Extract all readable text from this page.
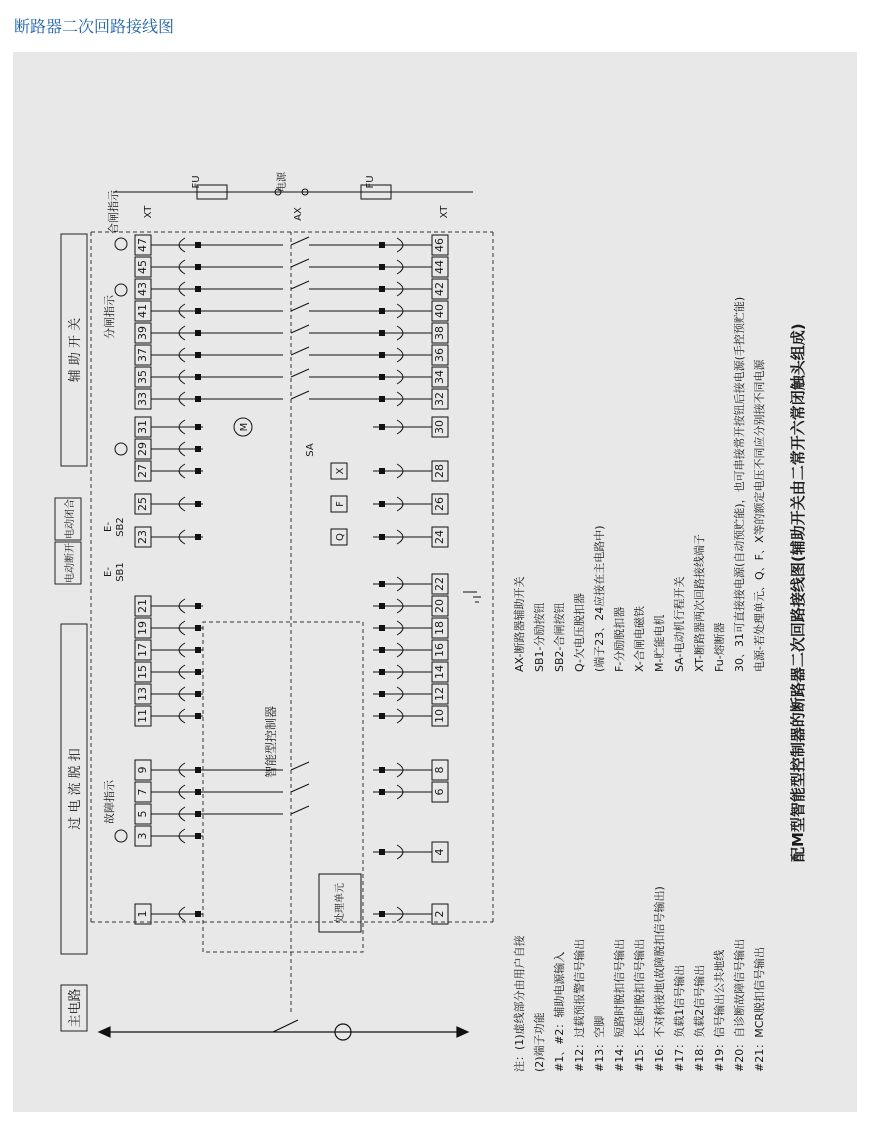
断路器二次回路接线图
主电路
过 电 流 脱 扣
电动断开
电动闭合
辅 助 开 关
处理单元
智能型控制器
1
3
5
7
9
11
13
15
17
19
21
23
25
27
29
31
33
35
37
39
41
43
45
47
2
4
6
8
10
12
14
16
18
20
22
24
26
28
30
32
34
36
38
40
42
44
46
Q
F
X
M
SA
E- SB1
E- SB2
AX
XT	XT
FU	FU
电源
故障指示
分闸指示
合闸指示
注：(1)虚线部分由用户自接 (2)端子功能 #1、#2：辅助电源输入 #12：过载预报警信号输出 #13：空脚 #14：短路时脱扣信号输出 #15：长延时脱扣信号输出 #16：不对称接地(故障脱扣信号输出) #17：负载1信号输出 #18：负载2信号输出 #19：信号输出公共地线 #20：自诊断故障信号输出 #21：MCR脱扣信号输出
AX-断路器辅助开关 SB1-分励按钮 SB2-合闸按钮 Q-欠电压脱扣器 (端子23、24应接在主电路中) F-分励脱扣器 X-合闸电磁铁 M-贮能电机 SA-电动机行程开关 XT-断路器两次回路接线端子 Fu-熔断器 30、31可直接接电源(自动预贮能)，也可串接常开按钮后接电源(手控预贮能) 电源-若处理单元、Q、F、X等的额定电压不同应分别接不同电源 配M型智能型控制器的断路器二次回路接线图(辅助开关由二常开六常闭触头组成)
